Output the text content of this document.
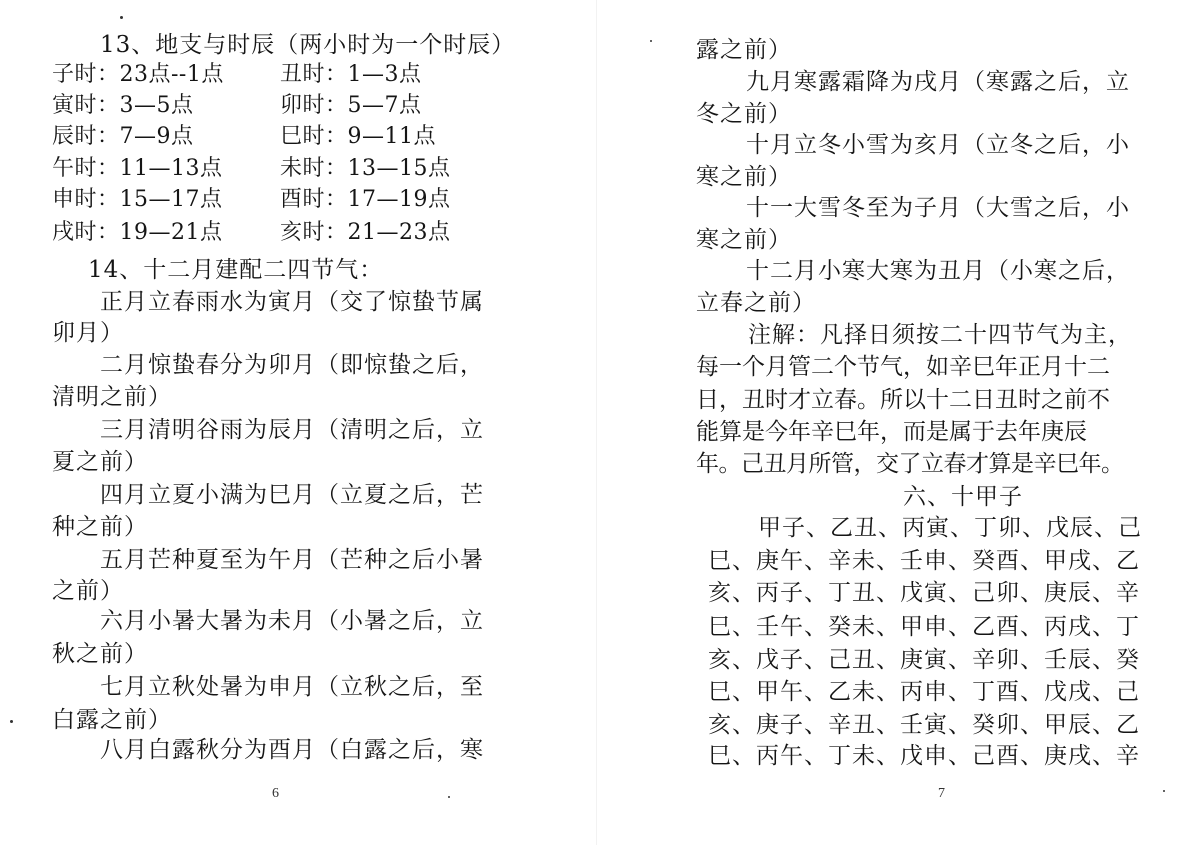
13、地支与时辰（两小时为一个时辰）
子时：23点--1点	丑时：1—3点
寅时：3—5点	卯时：5—7点
辰时：7—9点	巳时：9—11点
午时：11—13点	未时：13—15点
申时：15—17点	酉时：17—19点
戌时：19—21点	亥时：21—23点
14、十二月建配二四节气：
正月立春雨水为寅月（交了惊蛰节属
卯月）
二月惊蛰春分为卯月（即惊蛰之后，
清明之前）
三月清明谷雨为辰月（清明之后，立
夏之前）
四月立夏小满为巳月（立夏之后，芒
种之前）
五月芒种夏至为午月（芒种之后小暑
之前）
六月小暑大暑为未月（小暑之后，立
秋之前）
七月立秋处暑为申月（立秋之后，至
白露之前）
八月白露秋分为酉月（白露之后，寒
6
露之前）
九月寒露霜降为戌月（寒露之后，立
冬之前）
十月立冬小雪为亥月（立冬之后，小
寒之前）
十一大雪冬至为子月（大雪之后，小
寒之前）
十二月小寒大寒为丑月（小寒之后，
立春之前）
注解：凡择日须按二十四节气为主，
每一个月管二个节气，如辛巳年正月十二
日，丑时才立春。所以十二日丑时之前不
能算是今年辛巳年，而是属于去年庚辰
年。己丑月所管，交了立春才算是辛巳年。
六、十甲子
甲子、乙丑、丙寅、丁卯、戊辰、己
巳、庚午、辛未、壬申、癸酉、甲戌、乙
亥、丙子、丁丑、戊寅、己卯、庚辰、辛
巳、壬午、癸未、甲申、乙酉、丙戌、丁
亥、戊子、己丑、庚寅、辛卯、壬辰、癸
巳、甲午、乙未、丙申、丁酉、戊戌、己
亥、庚子、辛丑、壬寅、癸卯、甲辰、乙
巳、丙午、丁未、戊申、己酉、庚戌、辛
7
